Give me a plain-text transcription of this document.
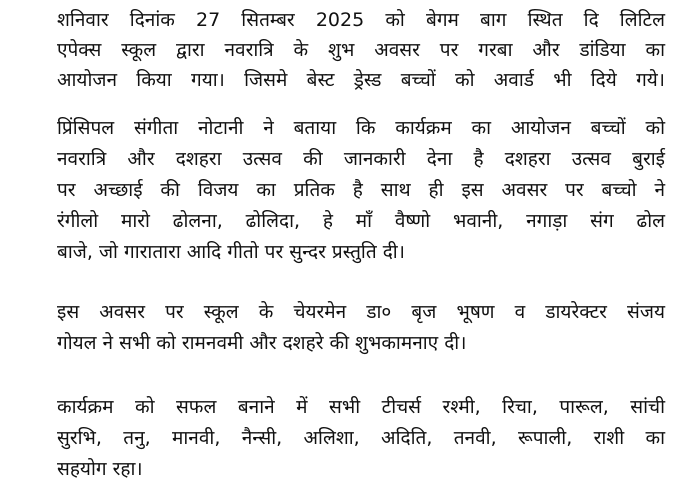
शनिवार दिनांक 27 सितम्बर 2025 को बेगम बाग स्थित दि लिटिल
एपेक्स स्कूल द्वारा नवरात्रि के शुभ अवसर पर गरबा और डांडिया का
आयोजन किया गया। जिसमे बेस्ट ड्रेस्ड बच्चों को अवार्ड भी दिये गये।
प्रिंसिपल संगीता नोटानी ने बताया कि कार्यक्रम का आयोजन बच्चों को
नवरात्रि और दशहरा उत्सव की जानकारी देना है दशहरा उत्सव बुराई
पर अच्छाई की विजय का प्रतिक है साथ ही इस अवसर पर बच्चो ने
रंगीलो मारो ढोलना, ढोलिदा, हे माँ वैष्णो भवानी, नगाड़ा संग ढोल
बाजे, जो गारातारा आदि गीतो पर सुन्दर प्रस्तुति दी।
इस अवसर पर स्कूल के चेयरमेन डा० बृज भूषण व डायरेक्टर संजय
गोयल ने सभी को रामनवमी और दशहरे की शुभकामनाए दी।
कार्यक्रम को सफल बनाने में सभी टीचर्स रश्मी, रिचा, पारूल, सांची
सुरभि, तनु, मानवी, नैन्सी, अलिशा, अदिति, तनवी, रूपाली, राशी का
सहयोग रहा।
